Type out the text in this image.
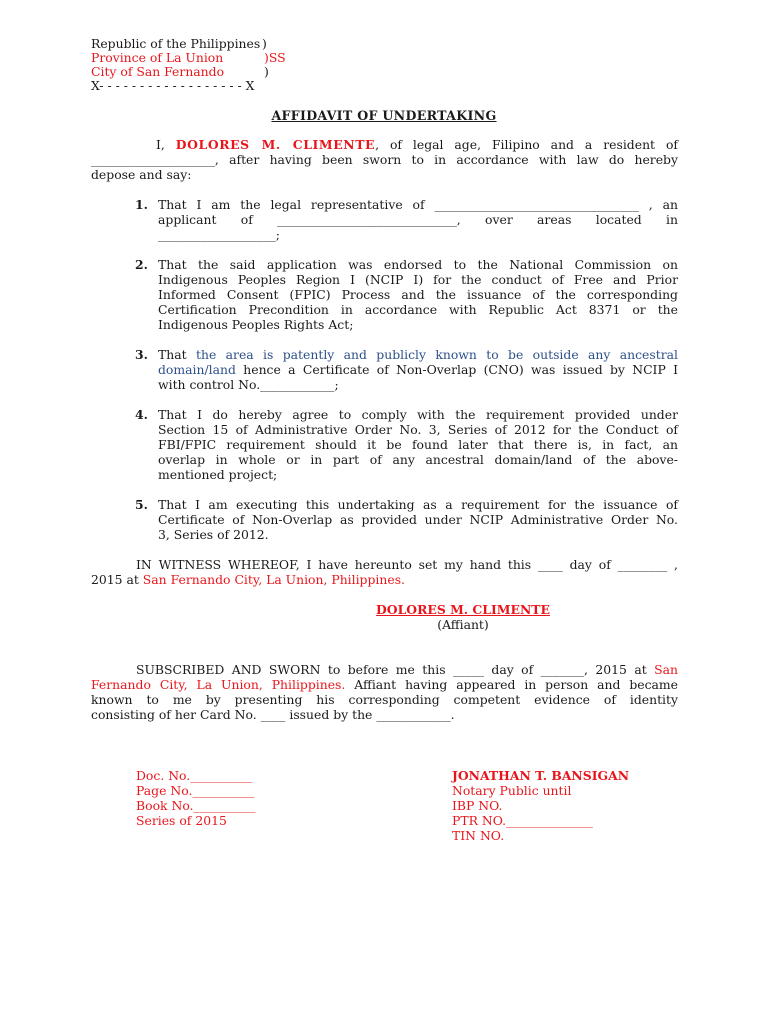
Republic of the Philippines )
Province of La Union	)SS
City of San Fernando	)
X- - - - - - - - - - - - - - - - - - X
AFFIDAVIT OF UNDERTAKING
I, DOLORES M. CLIMENTE, of legal age, Filipino and a resident of
____________________, after having been sworn to in accordance with law do hereby
depose and say:
1. That I am the legal representative of _________________________________ , an
applicant of _____________________________, over areas located in
___________________;
2. That the said application was endorsed to the National Commission on
Indigenous Peoples Region I (NCIP I) for the conduct of Free and Prior
Informed Consent (FPIC) Process and the issuance of the corresponding
Certification Precondition in accordance with Republic Act 8371 or the
Indigenous Peoples Rights Act;
3. That the area is patently and publicly known to be outside any ancestral
domain/land hence a Certificate of Non-Overlap (CNO) was issued by NCIP I
with control No.____________;
4. That I do hereby agree to comply with the requirement provided under
Section 15 of Administrative Order No. 3, Series of 2012 for the Conduct of
FBI/FPIC requirement should it be found later that there is, in fact, an
overlap in whole or in part of any ancestral domain/land of the above-
mentioned project;
5. That I am executing this undertaking as a requirement for the issuance of
Certificate of Non-Overlap as provided under NCIP Administrative Order No.
3, Series of 2012.
IN WITNESS WHEREOF, I have hereunto set my hand this ____ day of ________ ,
2015 at San Fernando City, La Union, Philippines.
DOLORES M. CLIMENTE
(Affiant)
SUBSCRIBED AND SWORN to before me this _____ day of _______, 2015 at San
Fernando City, La Union, Philippines. Affiant having appeared in person and became
known to me by presenting his corresponding competent evidence of identity
consisting of her Card No. ____ issued by the ____________.
Doc. No.__________
Page No.__________
Book No.__________
Series of 2015
JONATHAN T. BANSIGAN
Notary Public until
IBP NO.
PTR NO.______________
TIN NO.
